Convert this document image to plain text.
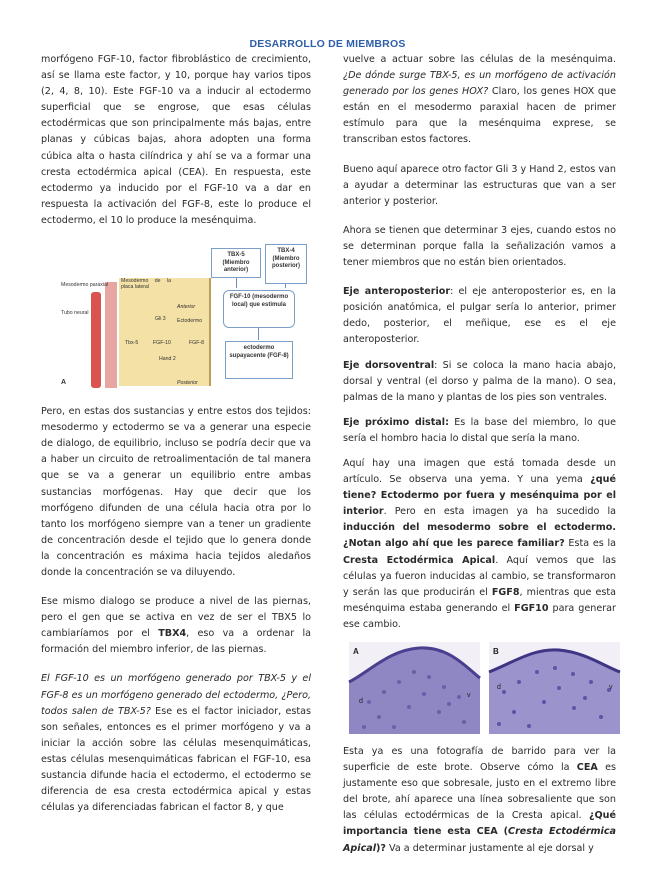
DESARROLLO DE MIEMBROS

morfógeno FGF-10, factor fibroblástico de crecimiento, así se llama este factor, y 10, porque hay varios tipos (2, 4, 8, 10). Este FGF-10 va a inducir al ectodermo superficial que se engrose, que esas células ectodérmicas que son principalmente más bajas, entre planas y cúbicas bajas, ahora adopten una forma cúbica alta o hasta cilíndrica y ahí se va a formar una cresta ectodérmica apical (CEA). En respuesta, este ectodermo ya inducido por el FGF-10 va a dar en respuesta la activación del FGF-8, este lo produce el ectodermo, el 10 lo produce la mesénquima.

Mesodermo paraxial
Tubo neural
Mesodermo de la placa lateral
Anterior
Ectodermo
Gli 3
Hand 2
Tbx-5	FGF-10	FGF-8
Posterior
A
TBX-5 (Miembro anterior)
TBX-4 (Miembro posterior)
FGF-10 (mesodermo local) que estimula
ectodermo supayacente (FGF-8)

Pero, en estas dos sustancias y entre estos dos tejidos: mesodermo y ectodermo se va a generar una especie de dialogo, de equilibrio, incluso se podría decir que va a haber un circuito de retroalimentación de tal manera que se va a generar un equilibrio entre ambas sustancias morfógenas. Hay que decir que los morfógeno difunden de una célula hacia otra por lo tanto los morfógeno siempre van a tener un gradiente de concentración desde el tejido que lo genera donde la concentración es máxima hacia tejidos aledaños donde la concentración se va diluyendo.

Ese mismo dialogo se produce a nivel de las piernas, pero el gen que se activa en vez de ser el TBX5 lo cambiaríamos por el TBX4, eso va a ordenar la formación del miembro inferior, de las piernas.

El FGF-10 es un morfógeno generado por TBX-5 y el FGF-8 es un morfógeno generado del ectodermo, ¿Pero, todos salen de TBX-5? Ese es el factor iniciador, estas son señales, entonces es el primer morfógeno y va a iniciar la acción sobre las células mesenquimáticas, estas células mesenquimáticas fabrican el FGF-10, esa sustancia difunde hacia el ectodermo, el ectodermo se diferencia de esa cresta ectodérmica apical y estas células ya diferenciadas fabrican el factor 8, y que

vuelve a actuar sobre las células de la mesénquima. ¿De dónde surge TBX-5, es un morfógeno de activación generado por los genes HOX? Claro, los genes HOX que están en el mesodermo paraxial hacen de primer estímulo para que la mesénquima exprese, se transcriban estos factores.

Bueno aquí aparece otro factor Gli 3 y Hand 2, estos van a ayudar a determinar las estructuras que van a ser anterior y posterior.

Ahora se tienen que determinar 3 ejes, cuando estos no se determinan porque falla la señalización vamos a tener miembros que no están bien orientados.

Eje anteroposterior: el eje anteroposterior es, en la posición anatómica, el pulgar sería lo anterior, primer dedo, posterior, el meñique, ese es el eje anteroposterior.

Eje dorsoventral: Si se coloca la mano hacia abajo, dorsal y ventral (el dorso y palma de la mano). O sea, palmas de la mano y plantas de los pies son ventrales.

Eje próximo distal: Es la base del miembro, lo que sería el hombro hacia lo distal que sería la mano.

Aquí hay una imagen que está tomada desde un artículo. Se observa una yema. Y una yema ¿qué tiene? Ectodermo por fuera y mesénquima por el interior. Pero en esta imagen ya ha sucedido la inducción del mesodermo sobre el ectodermo. ¿Notan algo ahí que les parece familiar? Esta es la Cresta Ectodérmica Apical. Aquí vemos que las células ya fueron inducidas al cambio, se transformaron y serán las que producirán el FGF8, mientras que esta mesénquima estaba generando el FGF10 para generar ese cambio.

A
d
v
B
d	v

Esta ya es una fotografía de barrido para ver la superficie de este brote. Observe cómo la CEA es justamente eso que sobresale, justo en el extremo libre del brote, ahí aparece una línea sobresaliente que son las células ectodérmicas de la Cresta apical. ¿Qué importancia tiene esta CEA (Cresta Ectodérmica Apical)? Va a determinar justamente al eje dorsal y
